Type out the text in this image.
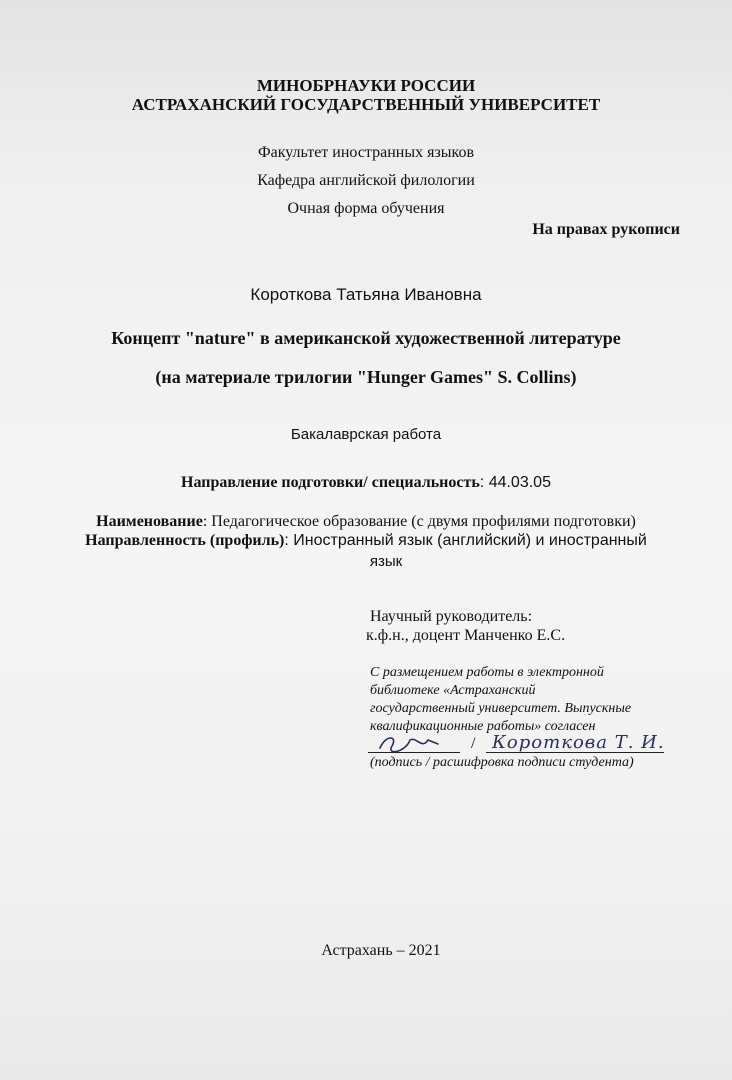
МИНОБРНАУКИ РОССИИ
АСТРАХАНСКИЙ ГОСУДАРСТВЕННЫЙ УНИВЕРСИТЕТ
Факультет иностранных языков
Кафедра английской филологии
Очная форма обучения
На правах рукописи
Короткова Татьяна Ивановна
Концепт "nature" в американской художественной литературе
(на материале трилогии "Hunger Games" S. Collins)
Бакалаврская работа
Направление подготовки/ специальность: 44.03.05
Наименование: Педагогическое образование (с двумя профилями подготовки)
Направленность (профиль): Иностранный язык (английский) и иностранный
язык
Научный руководитель:
к.ф.н., доцент Манченко Е.С.
С размещением работы в электронной
библиотеке «Астраханский
государственный университет. Выпускные
квалификационные работы» согласен
/ Короткова Т. И.
(подпись / расшифровка подписи студента)
Астрахань – 2021
